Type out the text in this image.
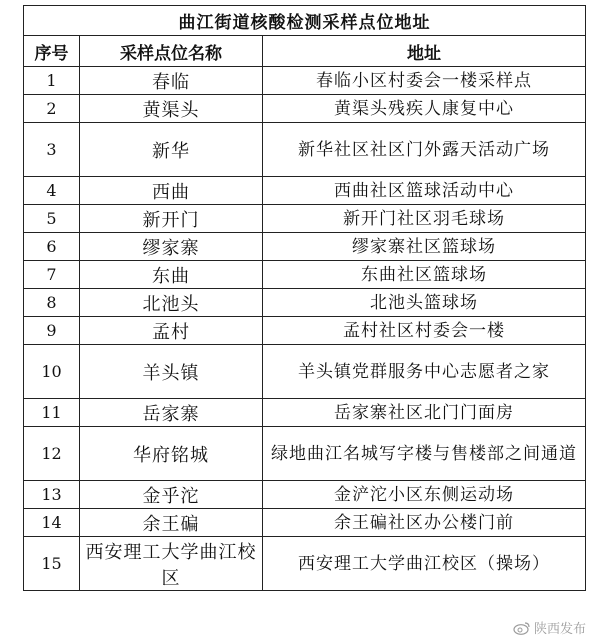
曲江街道核酸检测采样点位地址		
序号	采样点位名称	地址
1	春临	春临小区村委会一楼采样点
2	黄渠头	黄渠头残疾人康复中心
3	新华	新华社区社区门外露天活动广场
4	西曲	西曲社区篮球活动中心
5	新开门	新开门社区羽毛球场
6	缪家寨	缪家寨社区篮球场
7	东曲	东曲社区篮球场
8	北池头	北池头篮球场
9	孟村	孟村社区村委会一楼
10	羊头镇	羊头镇党群服务中心志愿者之家
11	岳家寨	岳家寨社区北门门面房
12	华府铭城	绿地曲江名城写字楼与售楼部之间通道
13	金乎沱	金浐沱小区东侧运动场
14	余王碥	余王碥社区办公楼门前
15	西安理工大学曲江校区	西安理工大学曲江校区（操场）
陕西发布
